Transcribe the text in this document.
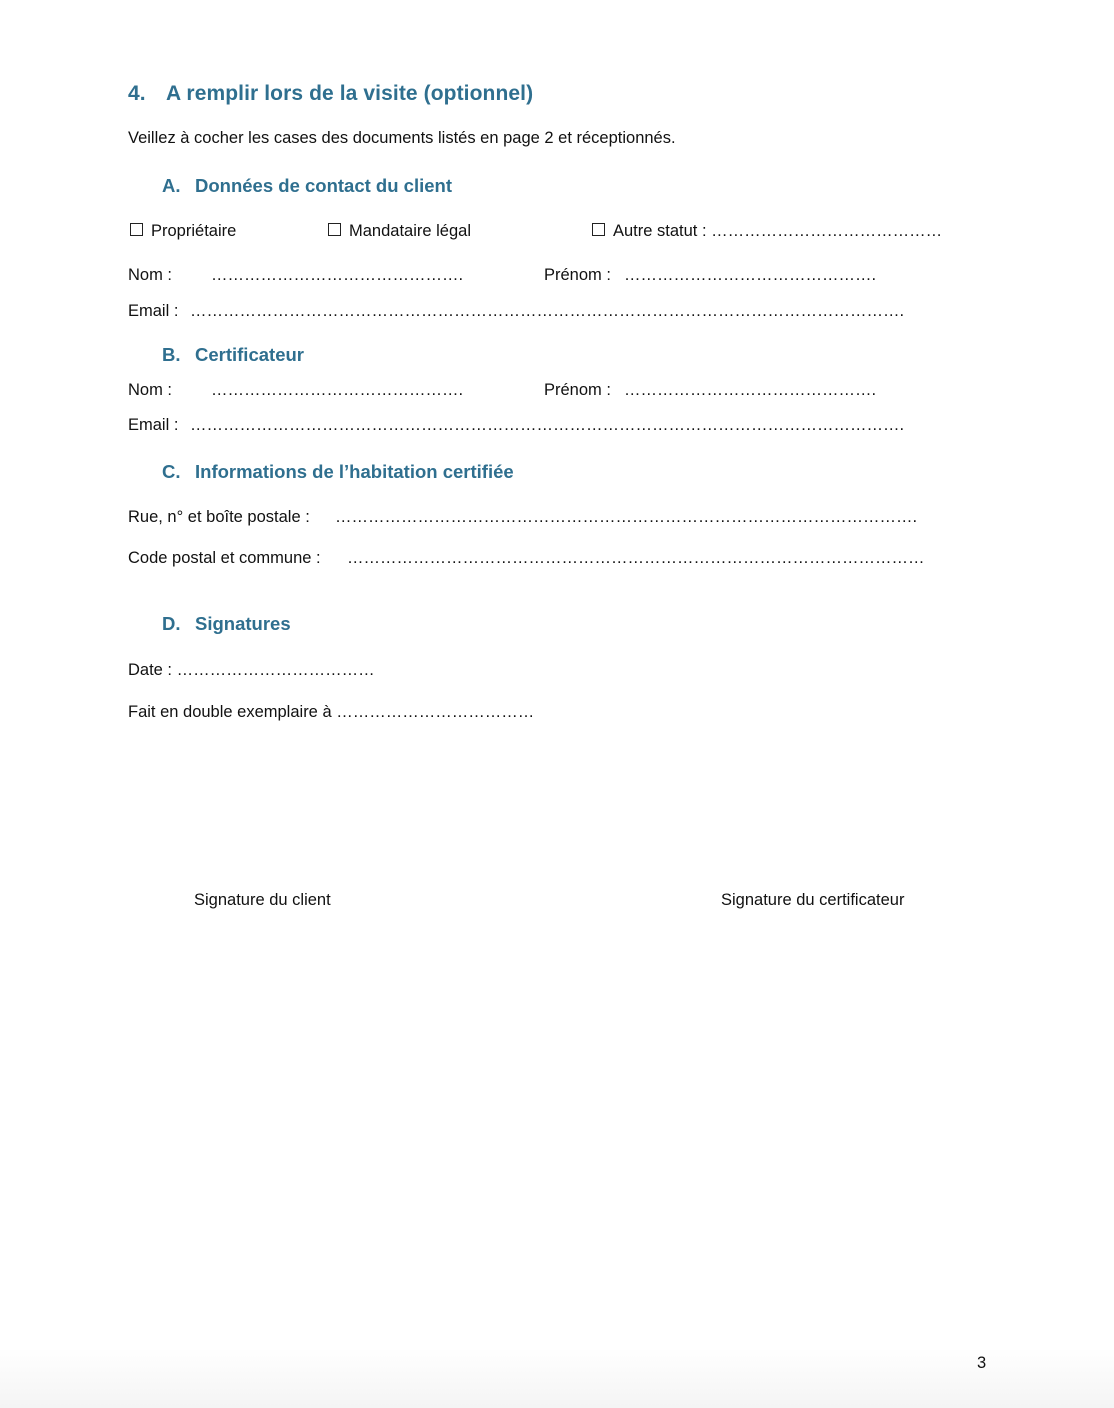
4. A remplir lors de la visite (optionnel)
Veillez à cocher les cases des documents listés en page 2 et réceptionnés.
A. Données de contact du client
Propriétaire	Mandataire légal	Autre statut : ……………………………………
Nom : ……………………………………….	Prénom : ……………………………………….
Email : ………………………………………………………………………………………………………………….
B. Certificateur
Nom : ……………………………………….	Prénom : ……………………………………….
Email : ………………………………………………………………………………………………………………….
C. Informations de l’habitation certifiée
Rue, n° et boîte postale : …………………………………………………………………………………………….
Code postal et commune : ……………………………………………………………………………………………
D. Signatures
Date : ………………………………
Fait en double exemplaire à ………………………………
Signature du client	Signature du certificateur
3
